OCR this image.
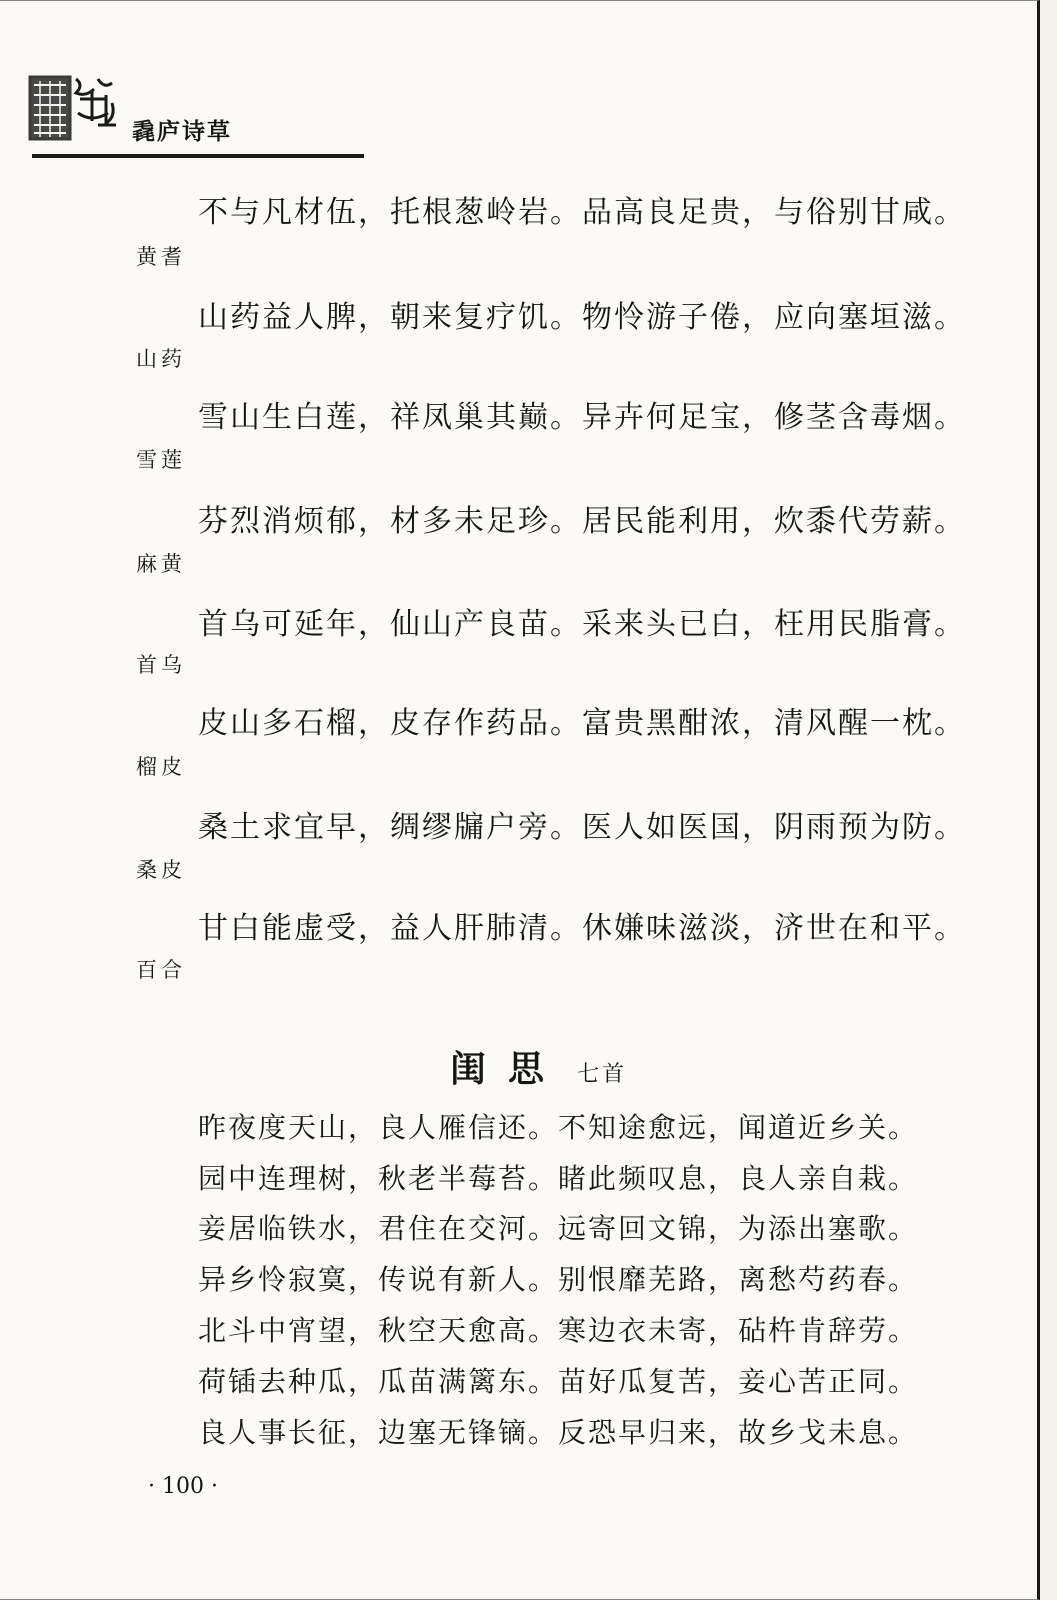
毳庐诗草
不与凡材伍，托根葱岭岩。品高良足贵，与俗别甘咸。
黄耆
山药益人脾，朝来复疗饥。物怜游子倦，应向塞垣滋。
山药
雪山生白莲，祥凤巢其巅。异卉何足宝，修茎含毒烟。
雪莲
芬烈消烦郁，材多未足珍。居民能利用，炊黍代劳薪。
麻黄
首乌可延年，仙山产良苗。采来头已白，枉用民脂膏。
首乌
皮山多石榴，皮存作药品。富贵黑酣浓，清风醒一枕。
榴皮
桑土求宜早，绸缪牖户旁。医人如医国，阴雨预为防。
桑皮
甘白能虚受，益人肝肺清。休嫌味滋淡，济世在和平。
百合
闺思 七首
昨夜度天山，良人雁信还。不知途愈远，闻道近乡关。
园中连理树，秋老半莓苔。睹此频叹息，良人亲自栽。
妾居临铁水，君住在交河。远寄回文锦，为添出塞歌。
异乡怜寂寞，传说有新人。别恨靡芜路，离愁芍药春。
北斗中宵望，秋空天愈高。寒边衣未寄，砧杵肯辞劳。
荷锸去种瓜，瓜苗满篱东。苗好瓜复苦，妾心苦正同。
良人事长征，边塞无锋镝。反恐早归来，故乡戈未息。
· 100 ·
